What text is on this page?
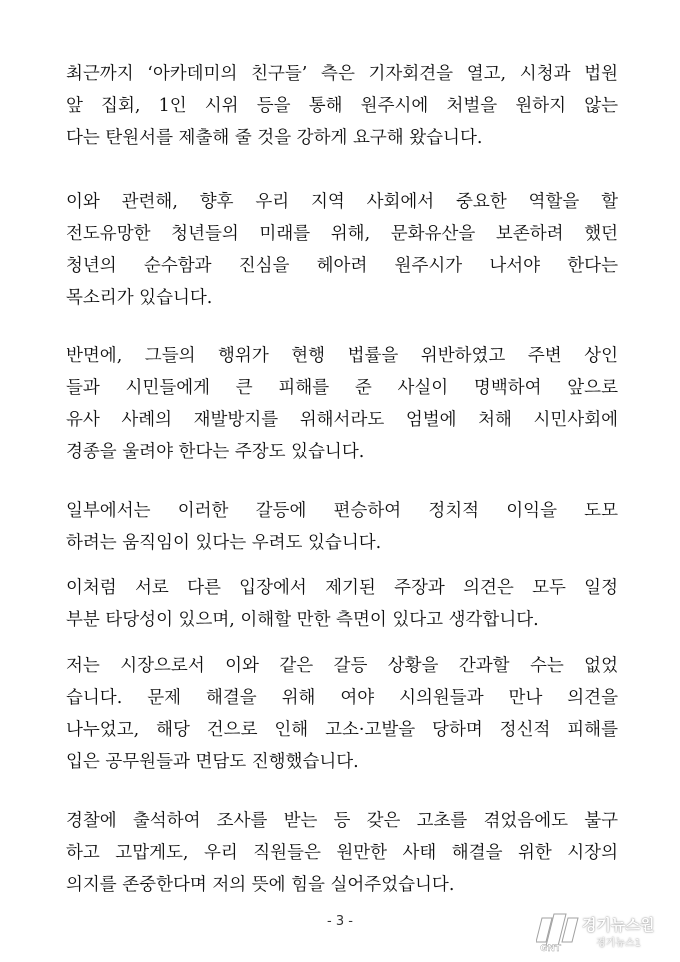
최근까지 ‘아카데미의 친구들’ 측은 기자회견을 열고, 시청과 법원
앞 집회, 1인 시위 등을 통해 원주시에 처벌을 원하지 않는
다는 탄원서를 제출해 줄 것을 강하게 요구해 왔습니다.
이와 관련해, 향후 우리 지역 사회에서 중요한 역할을 할
전도유망한 청년들의 미래를 위해, 문화유산을 보존하려 했던
청년의 순수함과 진심을 헤아려 원주시가 나서야 한다는
목소리가 있습니다.
반면에, 그들의 행위가 현행 법률을 위반하였고 주변 상인
들과 시민들에게 큰 피해를 준 사실이 명백하여 앞으로
유사 사례의 재발방지를 위해서라도 엄벌에 처해 시민사회에
경종을 울려야 한다는 주장도 있습니다.
일부에서는 이러한 갈등에 편승하여 정치적 이익을 도모
하려는 움직임이 있다는 우려도 있습니다.
이처럼 서로 다른 입장에서 제기된 주장과 의견은 모두 일정
부분 타당성이 있으며, 이해할 만한 측면이 있다고 생각합니다.
저는 시장으로서 이와 같은 갈등 상황을 간과할 수는 없었
습니다. 문제 해결을 위해 여야 시의원들과 만나 의견을
나누었고, 해당 건으로 인해 고소·고발을 당하며 정신적 피해를
입은 공무원들과 면담도 진행했습니다.
경찰에 출석하여 조사를 받는 등 갖은 고초를 겪었음에도 불구
하고 고맙게도, 우리 직원들은 원만한 사태 해결을 위한 시장의
의지를 존중한다며 저의 뜻에 힘을 실어주었습니다.
- 3 -
GNT
경기뉴스원
경기뉴스1
